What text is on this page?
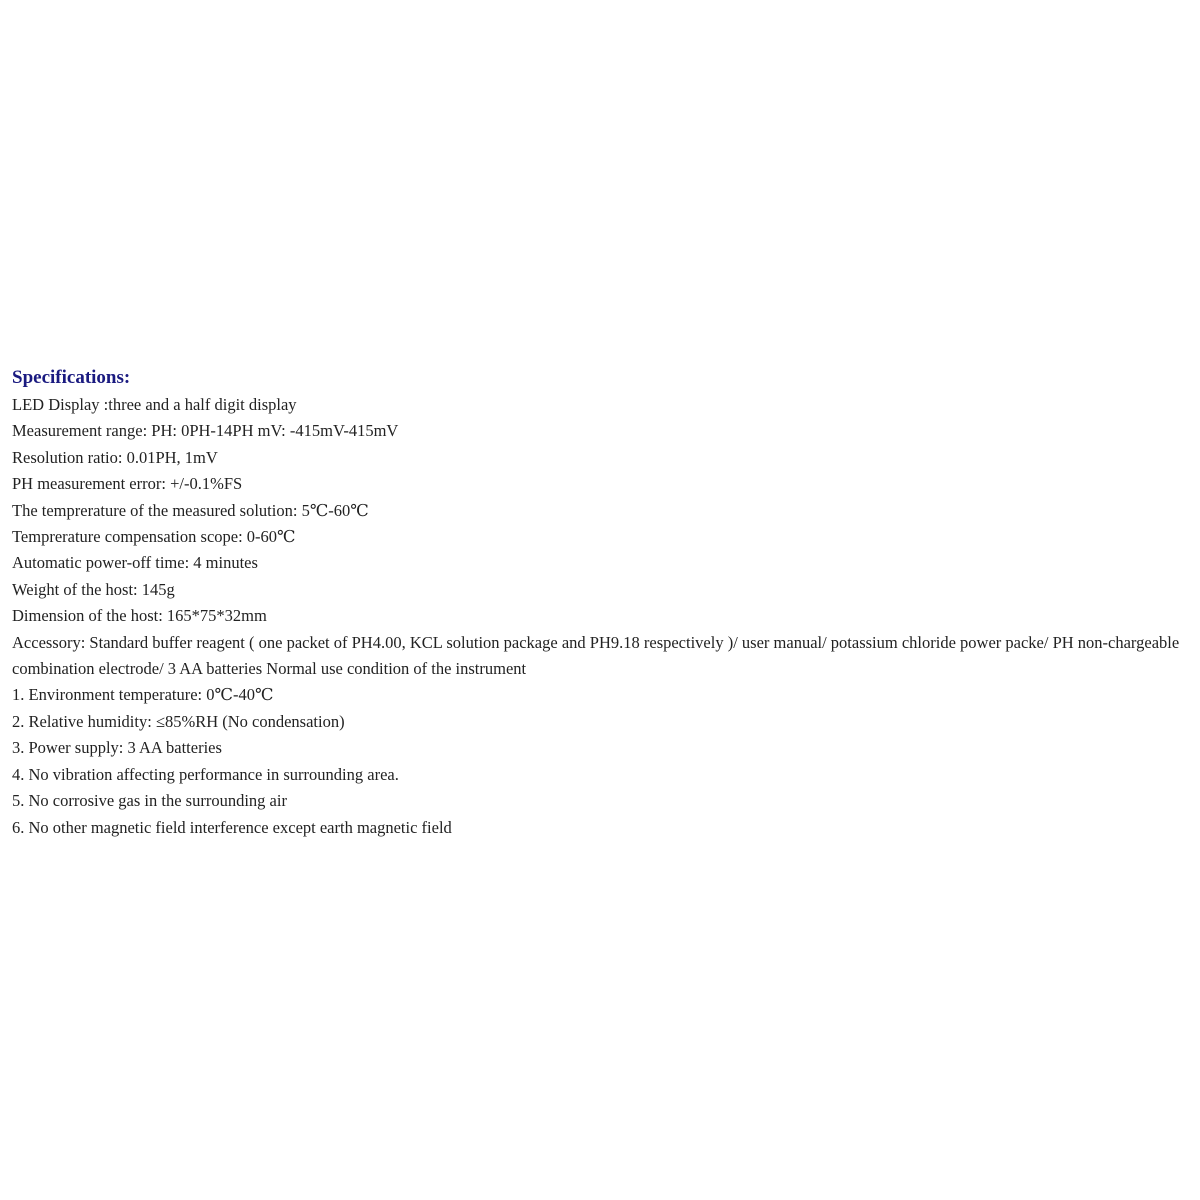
Specifications:
LED Display :three and a half digit display
Measurement range: PH: 0PH-14PH mV: -415mV-415mV
Resolution ratio: 0.01PH, 1mV
PH measurement error: +/-0.1%FS
The temprerature of the measured solution: 5℃-60℃
Temprerature compensation scope: 0-60℃
Automatic power-off time: 4 minutes
Weight of the host: 145g
Dimension of the host: 165*75*32mm
Accessory: Standard buffer reagent ( one packet of PH4.00, KCL solution package and PH9.18 respectively )/ user manual/ potassium chloride power packe/ PH non-chargeable combination electrode/ 3 AA batteries Normal use condition of the instrument
1. Environment temperature: 0℃-40℃
2. Relative humidity: ≤85%RH (No condensation)
3. Power supply: 3 AA batteries
4. No vibration affecting performance in surrounding area.
5. No corrosive gas in the surrounding air
6. No other magnetic field interference except earth magnetic field
